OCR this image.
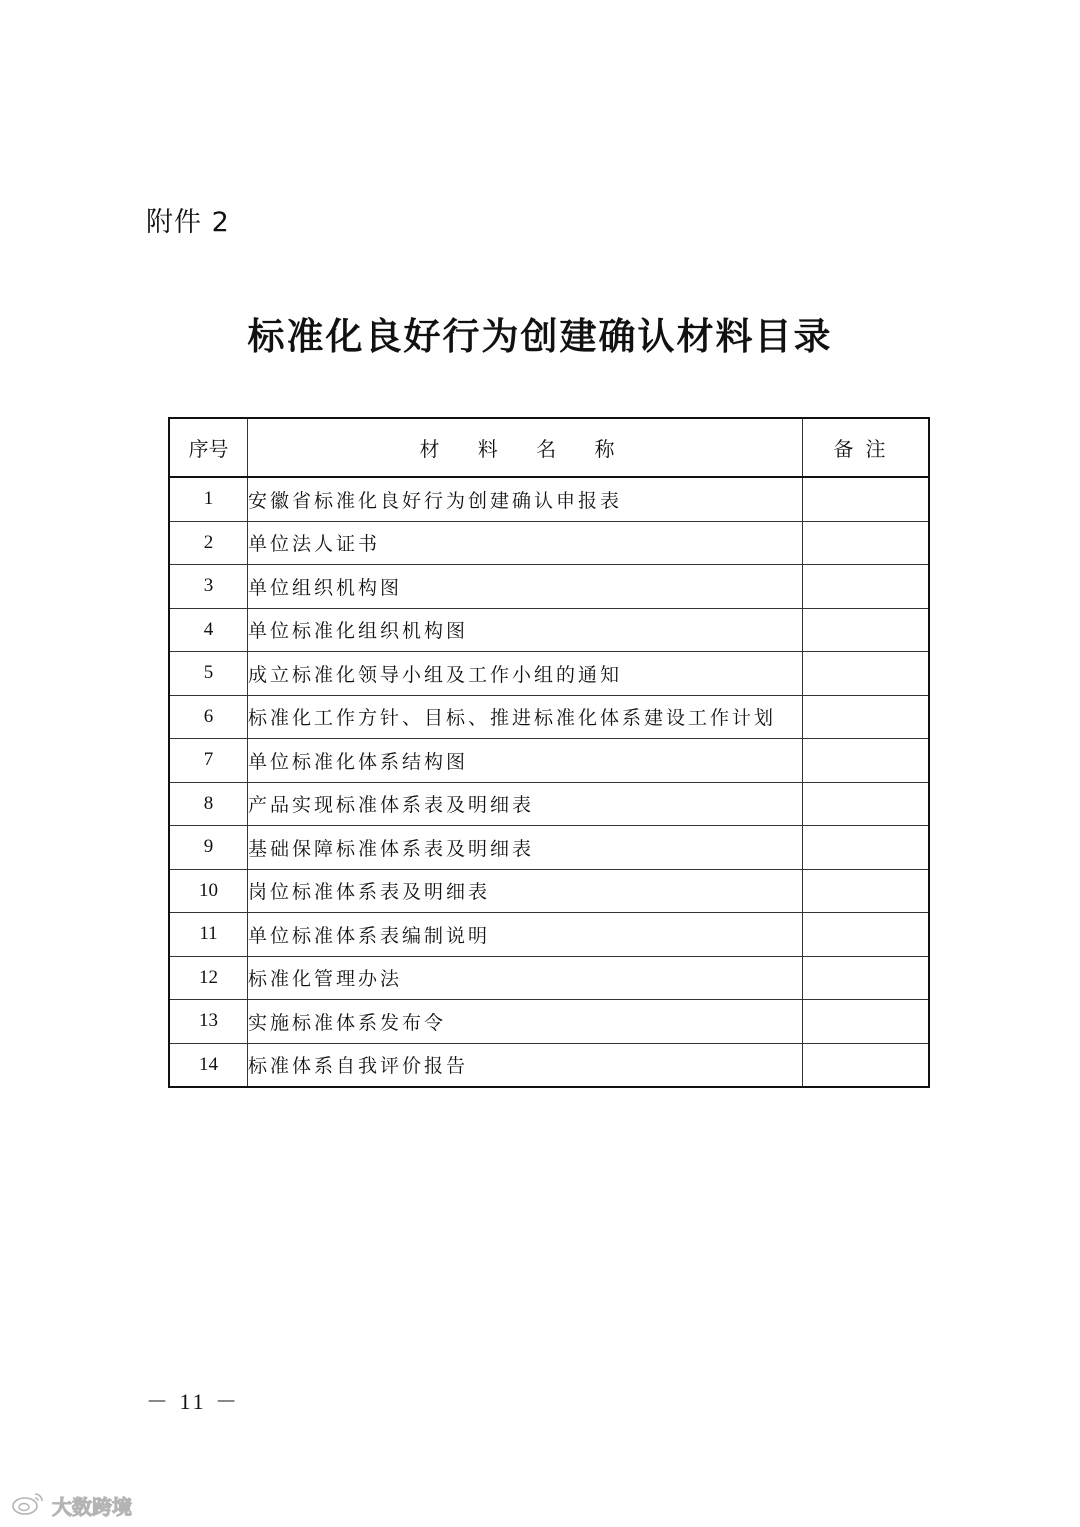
附件 2
标准化良好行为创建确认材料目录
序号	材 料 名 称	备注
1	安徽省标准化良好行为创建确认申报表	
2	单位法人证书	
3	单位组织机构图	
4	单位标准化组织机构图	
5	成立标准化领导小组及工作小组的通知	
6	标准化工作方针、目标、推进标准化体系建设工作计划	
7	单位标准化体系结构图	
8	产品实现标准体系表及明细表	
9	基础保障标准体系表及明细表	
10	岗位标准体系表及明细表	
11	单位标准体系表编制说明	
12	标准化管理办法	
13	实施标准体系发布令	
14	标准体系自我评价报告	
－ 11 －
大数跨境
